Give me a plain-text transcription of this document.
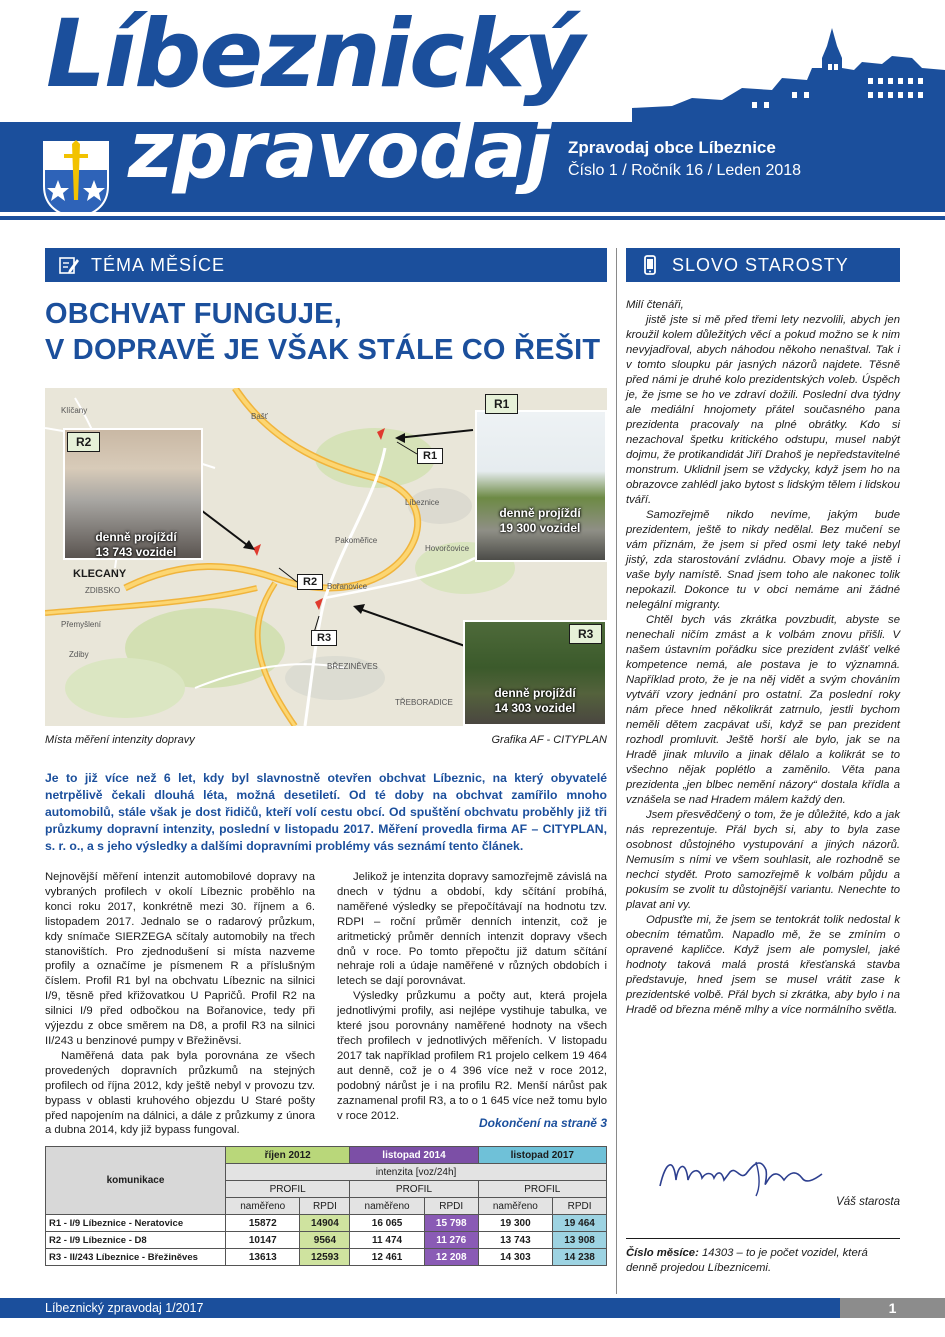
Líbeznický
zpravodaj Zpravodaj obce Líbeznice
Číslo 1 / Ročník 16 / Leden 2018
TÉMA MĚSÍCE	SLOVO STAROSTY
OBCHVAT FUNGUJE,
V DOPRAVĚ JE VŠAK STÁLE CO ŘEŠIT
Klíčany
Bašť
Líbeznice
Pakoměřice
Hovorčovice
Bořanovice
KLECANY
ZDIBSKO
Přemyšlení
Zdiby
BŘEZINĚVES
TŘEBORADICE
R1
R2
R3
R2
R1
R3
denně projíždí
13 743 vozidel
denně projíždí
19 300 vozidel
denně projíždí
14 303 vozidel
Místa měření intenzity dopravy	Grafika AF - CITYPLAN
Je to již více než 6 let, kdy byl slavnostně otevřen obchvat Líbeznic, na který obyvatelé netrpělivě čekali dlouhá léta, možná desetiletí. Od té doby na obchvat zamířilo mnoho automobilů, stále však je dost řidičů, kteří volí cestu obcí. Od spuštění obchvatu proběhly již tři průzkumy dopravní intenzity, poslední v listopadu 2017. Měření provedla firma AF – CITYPLAN, s. r. o., a s jeho výsledky a dalšími dopravními problémy vás seznámí tento článek.

Nejnovější měření intenzit automobilové dopravy na vybraných profilech v okolí Líbeznic proběhlo na konci roku 2017, konkrétně mezi 30. říjnem a 6. listopadem 2017. Jednalo se o radarový průzkum, kdy snímače SIERZEGA sčítaly automobily na třech stanovištích. Pro zjednodušení si místa nazveme profily a označíme je písmenem R a příslušným číslem. Profil R1 byl na obchvatu Líbeznic na silnici I/9, těsně před křižovatkou U Papričů. Profil R2 na silnici I/9 před odbočkou na Bořanovice, tedy při výjezdu z obce směrem na D8, a profil R3 na silnici II/243 u benzinové pumpy v Břežiněvsi.

Naměřená data pak byla porovnána ze všech provedených dopravních průzkumů na stejných profilech od října 2012, kdy ještě nebyl v provozu tzv. bypass v oblasti kruhového objezdu U Staré pošty před napojením na dálnici, a dále z průzkumy z února a dubna 2014, kdy již bypass fungoval.

Jelikož je intenzita dopravy samozřejmě závislá na dnech v týdnu a období, kdy sčítání probíhá, naměřené výsledky se přepočítávají na hodnotu tzv. RDPI – roční průměr denních intenzit, což je aritmetický průměr denních intenzit dopravy všech dnů v roce. Po tomto přepočtu již datum sčítání nehraje roli a údaje naměřené v různých obdobích i letech se dají porovnávat.

Výsledky průzkumu a počty aut, která projela jednotlivými profily, asi nejlépe vystihuje tabulka, ve které jsou porovnány naměřené hodnoty na všech třech profilech v jednotlivých měřeních. V listopadu 2017 tak například profilem R1 projelo celkem 19 464 aut denně, což je o 4 396 více než v roce 2012, podobný nárůst je i na profilu R2. Menší nárůst pak zaznamenal profil R3, a to o 1 645 více než tomu bylo v roce 2012.

Dokončení na straně 3
komunikace	říjen 2012		listopad 2014		listopad 2017	
	intenzita [voz/24h]					
	PROFIL		PROFIL		PROFIL	
	naměřeno	RPDI	naměřeno	RPDI	naměřeno	RPDI
R1 - I/9 Líbeznice - Neratovice	15872	14904	16 065	15 798	19 300	19 464
R2 - I/9 Líbeznice - D8	10147	9564	11 474	11 276	13 743	13 908
R3 - II/243 Líbeznice - Břežiněves	13613	12593	12 461	12 208	14 303	14 238

Milí čtenáři,

jistě jste si mě před třemi lety nezvolili, abych jen kroužil kolem důležitých věcí a pokud možno se k nim nevyjadřoval, abych náhodou někoho nenaštval. Tak i v tomto sloupku pár jasných názorů najdete. Těsně před námi je druhé kolo prezidentských voleb. Úspěch je, že jsme se ho ve zdraví dožili. Poslední dva týdny ale mediální hnojomety přátel současného pana prezidenta pracovaly na plné obrátky. Kdo si nezachoval špetku kritického odstupu, musel nabýt dojmu, že protikandidát Jiří Drahoš je nepředstavitelné monstrum. Uklidnil jsem se vždycky, když jsem ho na obrazovce zahlédl jako bytost s lidským tělem i lidskou tváří.

Samozřejmě nikdo nevíme, jakým bude prezidentem, ještě to nikdy nedělal. Bez mučení se vám přiznám, že jsem si před osmi lety také nebyl jistý, zda starostování zvládnu. Obavy moje a jistě i vaše byly namístě. Snad jsem toho ale nakonec tolik nepokazil. Dokonce tu v obci nemáme ani žádné nelegální migranty.

Chtěl bych vás zkrátka povzbudit, abyste se nenechali ničím zmást a k volbám znovu přišli. V našem ústavním pořádku sice prezident zvlášť velké kompetence nemá, ale postava je to významná. Například proto, že je na něj vidět a svým chováním vytváří vzory jednání pro ostatní. Za poslední roky nám přece hned několikrát zatrnulo, jestli bychom neměli dětem zacpávat uši, když se pan prezident rozhodl promluvit. Ještě horší ale bylo, jak se na Hradě jinak mluvilo a jinak dělalo a kolikrát se to všechno nějak poplétlo a zaměnilo. Věta pana prezidenta „jen blbec nemění názory“ dostala křídla a vznášela se nad Hradem málem každý den.

Jsem přesvědčený o tom, že je důležité, kdo a jak nás reprezentuje. Přál bych si, aby to byla zase osobnost důstojného vystupování a jiných názorů. Nemusím s ními ve všem souhlasit, ale rozhodně se nechci stydět. Proto samozřejmě k volbám půjdu a pokusím se zvolit tu důstojnější variantu. Nenechte to plavat ani vy.

Odpusťte mi, že jsem se tentokrát tolik nedostal k obecním tématům. Napadlo mě, že se zmíním o opravené kapličce. Když jsem ale pomyslel, jaké hodnoty taková malá prostá křesťanská stavba představuje, hned jsem se musel vrátit zase k prezidentské volbě. Přál bych si zkrátka, aby bylo i na Hradě od března méně mlhy a více normálního světla.

Váš starosta
Číslo měsíce: 14303 – to je počet vozidel, která denně projedou Líbeznicemi.
Líbeznický zpravodaj 1/2017	1
